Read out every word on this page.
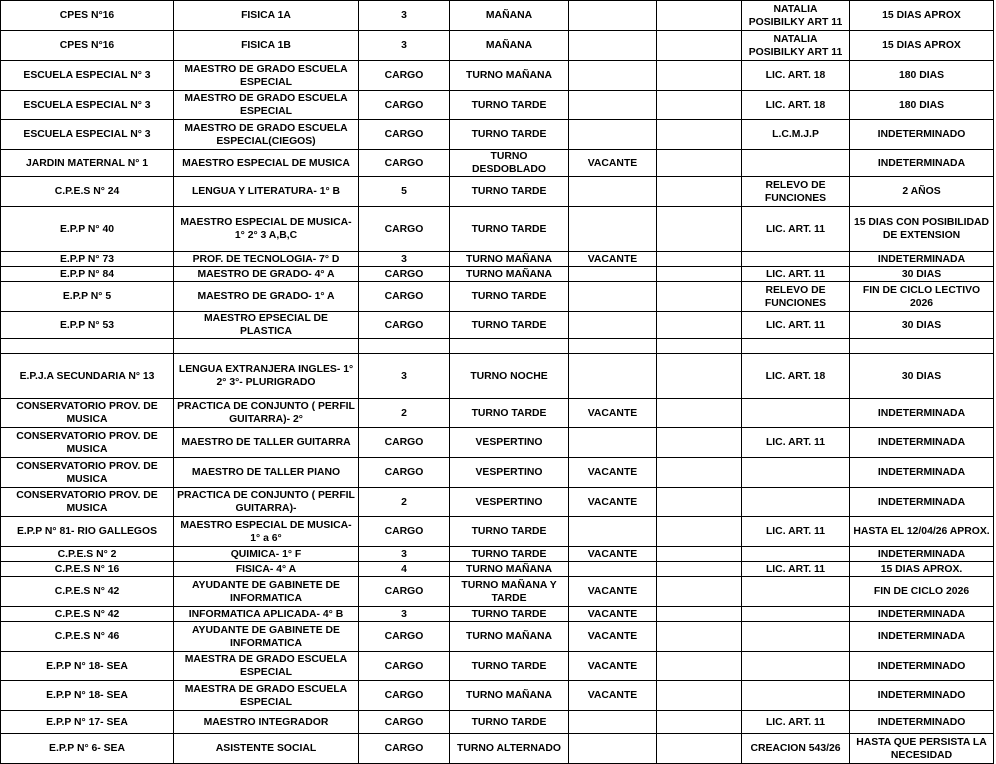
CPES N°16	FISICA 1A	3	MAÑANA			NATALIA POSIBILKY ART 11	15 DIAS APROX
CPES N°16	FISICA 1B	3	MAÑANA			NATALIA POSIBILKY ART 11	15 DIAS APROX
ESCUELA ESPECIAL N° 3	MAESTRO DE GRADO ESCUELA ESPECIAL	CARGO	TURNO MAÑANA			LIC. ART. 18	180 DIAS
ESCUELA ESPECIAL N° 3	MAESTRO DE GRADO ESCUELA ESPECIAL	CARGO	TURNO TARDE			LIC. ART. 18	180 DIAS
ESCUELA ESPECIAL N° 3	MAESTRO DE GRADO ESCUELA ESPECIAL(CIEGOS)	CARGO	TURNO TARDE			L.C.M.J.P	INDETERMINADO
JARDIN MATERNAL N° 1	MAESTRO ESPECIAL DE MUSICA	CARGO	TURNO DESDOBLADO	VACANTE			INDETERMINADA
C.P.E.S N° 24	LENGUA Y LITERATURA- 1° B	5	TURNO TARDE			RELEVO DE FUNCIONES	2 AÑOS
E.P.P N° 40	MAESTRO ESPECIAL DE MUSICA- 1° 2° 3 A,B,C	CARGO	TURNO TARDE			LIC. ART. 11	15 DIAS CON POSIBILIDAD DE EXTENSION
E.P.P N° 73	PROF. DE TECNOLOGIA- 7° D	3	TURNO MAÑANA	VACANTE			INDETERMINADA
E.P.P N° 84	MAESTRO DE GRADO- 4° A	CARGO	TURNO MAÑANA			LIC. ART. 11	30 DIAS
E.P.P N° 5	MAESTRO DE GRADO- 1° A	CARGO	TURNO TARDE			RELEVO DE FUNCIONES	FIN DE CICLO LECTIVO 2026
E.P.P N° 53	MAESTRO EPSECIAL DE PLASTICA	CARGO	TURNO TARDE			LIC. ART. 11	30 DIAS

E.P.J.A SECUNDARIA N° 13	LENGUA EXTRANJERA INGLES- 1° 2° 3°- PLURIGRADO	3	TURNO NOCHE			LIC. ART. 18	30 DIAS
CONSERVATORIO PROV. DE MUSICA	PRACTICA DE CONJUNTO ( PERFIL GUITARRA)- 2°	2	TURNO TARDE	VACANTE			INDETERMINADA
CONSERVATORIO PROV. DE MUSICA	MAESTRO DE TALLER GUITARRA	CARGO	VESPERTINO			LIC. ART. 11	INDETERMINADA
CONSERVATORIO PROV. DE MUSICA	MAESTRO DE TALLER PIANO	CARGO	VESPERTINO	VACANTE			INDETERMINADA
CONSERVATORIO PROV. DE MUSICA	PRACTICA DE CONJUNTO ( PERFIL GUITARRA)-	2	VESPERTINO	VACANTE			INDETERMINADA
E.P.P N° 81- RIO GALLEGOS	MAESTRO ESPECIAL DE MUSICA- 1° a 6°	CARGO	TURNO TARDE			LIC. ART. 11	HASTA EL 12/04/26 APROX.
C.P.E.S N° 2	QUIMICA- 1° F	3	TURNO TARDE	VACANTE			INDETERMINADA
C.P.E.S N° 16	FISICA- 4° A	4	TURNO MAÑANA			LIC. ART. 11	15 DIAS APROX.
C.P.E.S N° 42	AYUDANTE DE GABINETE DE INFORMATICA	CARGO	TURNO MAÑANA Y TARDE	VACANTE			FIN DE CICLO 2026
C.P.E.S N° 42	INFORMATICA APLICADA- 4° B	3	TURNO TARDE	VACANTE			INDETERMINADA
C.P.E.S N° 46	AYUDANTE DE GABINETE DE INFORMATICA	CARGO	TURNO MAÑANA	VACANTE			INDETERMINADA
E.P.P N° 18- SEA	MAESTRA DE GRADO ESCUELA ESPECIAL	CARGO	TURNO TARDE	VACANTE			INDETERMINADO
E.P.P N° 18- SEA	MAESTRA DE GRADO ESCUELA ESPECIAL	CARGO	TURNO MAÑANA	VACANTE			INDETERMINADO
E.P.P N° 17- SEA	MAESTRO INTEGRADOR	CARGO	TURNO TARDE			LIC. ART. 11	INDETERMINADO
E.P.P N° 6- SEA	ASISTENTE SOCIAL	CARGO	TURNO ALTERNADO			CREACION 543/26	HASTA QUE PERSISTA LA NECESIDAD
